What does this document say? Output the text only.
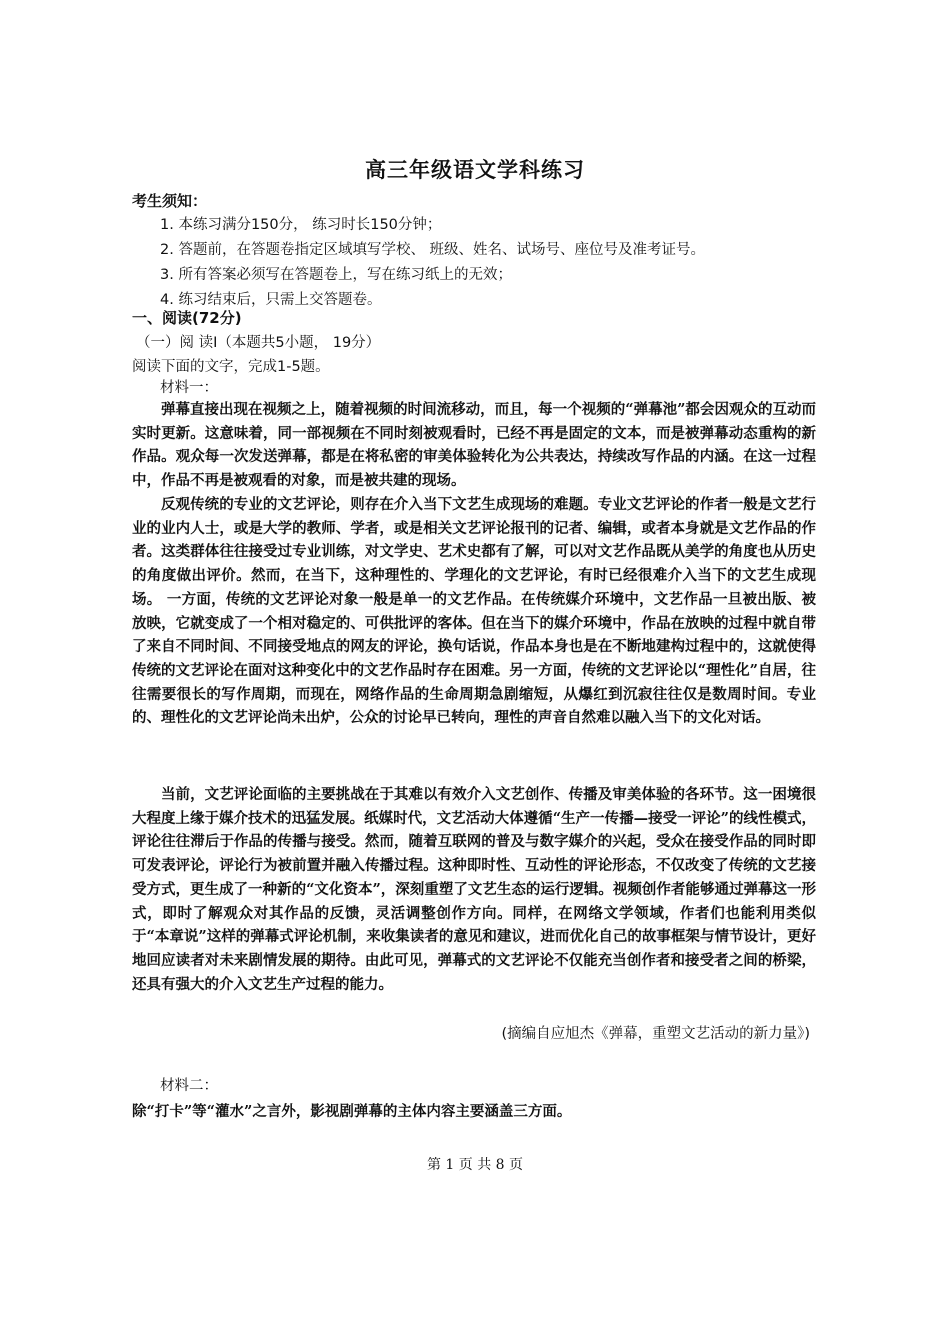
高三年级语文学科练习
考生须知：
1. 本练习满分150分， 练习时长150分钟；
2. 答题前，在答题卷指定区域填写学校、 班级、姓名、试场号、座位号及准考证号。
3. 所有答案必须写在答题卷上，写在练习纸上的无效；
4. 练习结束后，只需上交答题卷。
一、阅读(72分)
（一）阅 读I（本题共5小题， 19分）
阅读下面的文字，完成1-5题。
材料一：

弹幕直接出现在视频之上，随着视频的时间流移动，而且，每一个视频的“弹幕池”都会因观众的互动而实时更新。这意味着，同一部视频在不同时刻被观看时，已经不再是固定的文本，而是被弹幕动态重构的新作品。观众每一次发送弹幕，都是在将私密的审美体验转化为公共表达，持续改写作品的内涵。在这一过程中，作品不再是被观看的对象，而是被共建的现场。

反观传统的专业的文艺评论，则存在介入当下文艺生成现场的难题。专业文艺评论的作者一般是文艺行业的业内人士，或是大学的教师、学者，或是相关文艺评论报刊的记者、编辑，或者本身就是文艺作品的作者。这类群体往往接受过专业训练，对文学史、艺术史都有了解，可以对文艺作品既从美学的角度也从历史的角度做出评价。然而，在当下，这种理性的、学理化的文艺评论，有时已经很难介入当下的文艺生成现场。 一方面，传统的文艺评论对象一般是单一的文艺作品。在传统媒介环境中，文艺作品一旦被出版、被放映，它就变成了一个相对稳定的、可供批评的客体。但在当下的媒介环境中，作品在放映的过程中就自带了来自不同时间、不同接受地点的网友的评论，换句话说，作品本身也是在不断地建构过程中的，这就使得传统的文艺评论在面对这种变化中的文艺作品时存在困难。另一方面，传统的文艺评论以“理性化”自居，往往需要很长的写作周期，而现在，网络作品的生命周期急剧缩短，从爆红到沉寂往往仅是数周时间。专业的、理性化的文艺评论尚未出炉，公众的讨论早已转向，理性的声音自然难以融入当下的文化对话。

当前，文艺评论面临的主要挑战在于其难以有效介入文艺创作、传播及审美体验的各环节。这一困境很大程度上缘于媒介技术的迅猛发展。纸媒时代，文艺活动大体遵循“生产一传播—接受一评论”的线性模式，评论往往滞后于作品的传播与接受。然而，随着互联网的普及与数字媒介的兴起，受众在接受作品的同时即可发表评论，评论行为被前置并融入传播过程。这种即时性、互动性的评论形态，不仅改变了传统的文艺接受方式，更生成了一种新的“文化资本”，深刻重塑了文艺生态的运行逻辑。视频创作者能够通过弹幕这一形式，即时了解观众对其作品的反馈，灵活调整创作方向。同样，在网络文学领域，作者们也能利用类似于“本章说”这样的弹幕式评论机制，来收集读者的意见和建议，进而优化自己的故事框架与情节设计，更好地回应读者对未来剧情发展的期待。由此可见，弹幕式的文艺评论不仅能充当创作者和接受者之间的桥梁，还具有强大的介入文艺生产过程的能力。

(摘编自应旭杰《弹幕，重塑文艺活动的新力量》)
材料二：
除“打卡”等“灌水”之言外，影视剧弹幕的主体内容主要涵盖三方面。
第 1 页 共 8 页
